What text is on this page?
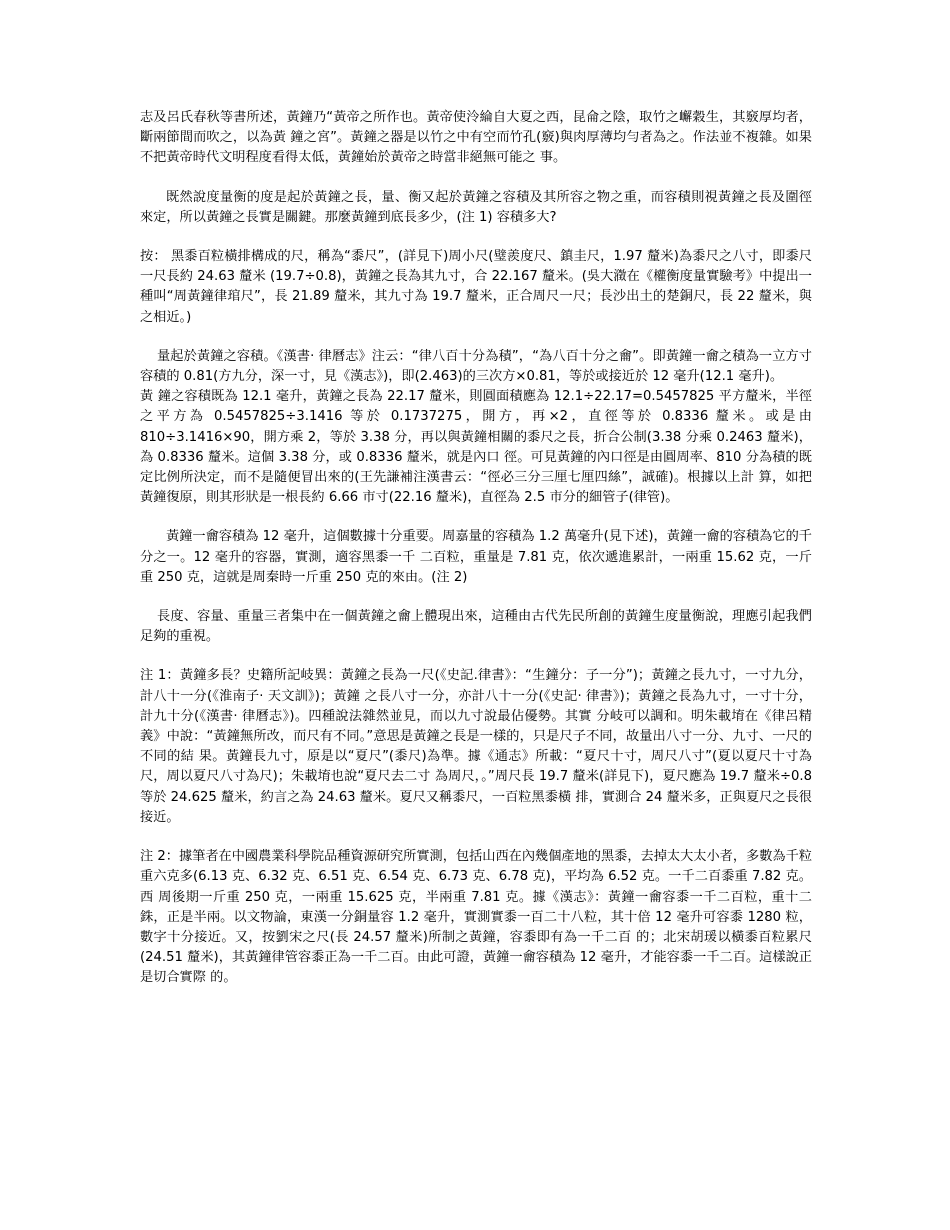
志及呂氏春秋等書所述，黃鐘乃“黃帝之所作也。黃帝使泠綸自大夏之西，昆侖之陰，取竹之嶰穀生，其竅厚均者，斷兩節間而吹之，以為黃 鐘之宮”。黃鐘之器是以竹之中有空而竹孔(竅)與肉厚薄均勻者為之。作法並不複雜。如果不把黃帝時代文明程度看得太低，黃鐘始於黃帝之時當非絕無可能之 事。

既然說度量衡的度是起於黃鐘之長，量、衡又起於黃鐘之容積及其所容之物之重，而容積則視黃鐘之長及圍徑來定，所以黃鐘之長實是關鍵。那麼黃鐘到底長多少，(注 1) 容積多大?

按： 黑黍百粒橫排構成的尺，稱為“黍尺”，(詳見下)周小尺(璧羨度尺、鎮圭尺，1.97 釐米)為黍尺之八寸，即黍尺一尺長約 24.63 釐米 (19.7÷0.8)，黃鐘之長為其九寸，合 22.167 釐米。(吳大瀓在《權衡度量實驗考》中提出一種叫“周黃鐘律琯尺”，長 21.89 釐米，其九寸為 19.7 釐米，正合周尺一尺；長沙出土的楚銅尺，長 22 釐米，與之相近。)

量起於黃鐘之容積。《漢書· 律曆志》注云：“律八百十分為積”，“為八百十分之龠”。即黃鐘一龠之積為一立方寸容積的 0.81(方九分，深一寸，見《漢志》)，即(2.463)的三次方×0.81，等於或接近於 12 毫升(12.1 毫升)。

黃 鐘之容積既為 12.1 毫升，黃鐘之長為 22.17 釐米，則圓面積應為 12.1÷22.17=0.5457825 平方釐米，半徑之平方為 0.5457825÷3.1416 等於 0.1737275，開方，再×2，直徑等於 0.8336 釐米。或是由 810÷3.1416×90，開方乘 2，等於 3.38 分，再以與黃鐘相關的黍尺之長，折合公制(3.38 分乘 0.2463 釐米)，為 0.8336 釐米。這個 3.38 分，或 0.8336 釐米，就是內口 徑。可見黃鐘的內口徑是由圓周率、810 分為積的既定比例所決定，而不是隨便冒出來的(王先謙補注漢書云：“徑必三分三厘七厘四絲”，誠確)。根據以上計 算，如把黃鐘復原，則其形狀是一根長約 6.66 市寸(22.16 釐米)，直徑為 2.5 市分的細管子(律管)。

黃鐘一龠容積為 12 毫升，這個數據十分重要。周嘉量的容積為 1.2 萬毫升(見下述)，黃鐘一龠的容積為它的千分之一。12 毫升的容器，實測，適容黑黍一千 二百粒，重量是 7.81 克，依次遞進累計，一兩重 15.62 克，一斤重 250 克，這就是周秦時一斤重 250 克的來由。(注 2)

長度、容量、重量三者集中在一個黃鐘之龠上體現出來，這種由古代先民所創的黃鐘生度量衡說，理應引起我們足夠的重視。

注 1：黃鐘多長？史籍所記岐異：黃鐘之長為一尺(《史記.律書》：“生鐘分：子一分”)；黃鐘之長九寸，一寸九分，計八十一分(《淮南子· 天文訓》)；黃鐘 之長八寸一分，亦計八十一分(《史記· 律書》)；黃鐘之長為九寸，一寸十分，計九十分(《漢書· 律曆志》)。四種說法雜然並見，而以九寸說最佔優勢。其實 分岐可以調和。明朱載堉在《律呂精義》中說：“黃鐘無所改，而尺有不同。”意思是黃鐘之長是一樣的，只是尺子不同，故量出八寸一分、九寸、一尺的不同的結 果。黃鐘長九寸，原是以“夏尺”(黍尺)為準。據《通志》所載：“夏尺十寸，周尺八寸”(夏以夏尺十寸為尺，周以夏尺八寸為尺)；朱載堉也說“夏尺去二寸 為周尺，。”周尺長 19.7 釐米(詳見下)，夏尺應為 19.7 釐米÷0.8 等於 24.625 釐米，約言之為 24.63 釐米。夏尺又稱黍尺，一百粒黑黍橫 排，實測合 24 釐米多，正與夏尺之長很接近。

注 2：據筆者在中國農業科學院品種資源研究所實測，包括山西在內幾個產地的黑黍，去掉太大太小者，多數為千粒重六克多(6.13 克、6.32 克、6.51 克、6.54 克、6.73 克、6.78 克)，平均為 6.52 克。一千二百黍重 7.82 克。西 周後期一斤重 250 克，一兩重 15.625 克，半兩重 7.81 克。據《漢志》：黃鐘一龠容黍一千二百粒，重十二銖，正是半兩。以文物論，東漢一分銅量容 1.2 毫升，實測實黍一百二十八粒，其十倍 12 毫升可容黍 1280 粒，數字十分接近。又，按劉宋之尺(長 24.57 釐米)所制之黃鐘，容黍即有為一千二百 的；北宋胡瑗以橫黍百粒累尺(24.51 釐米)，其黃鐘律管容黍正為一千二百。由此可證，黃鐘一龠容積為 12 毫升，才能容黍一千二百。這樣說正是切合實際 的。
